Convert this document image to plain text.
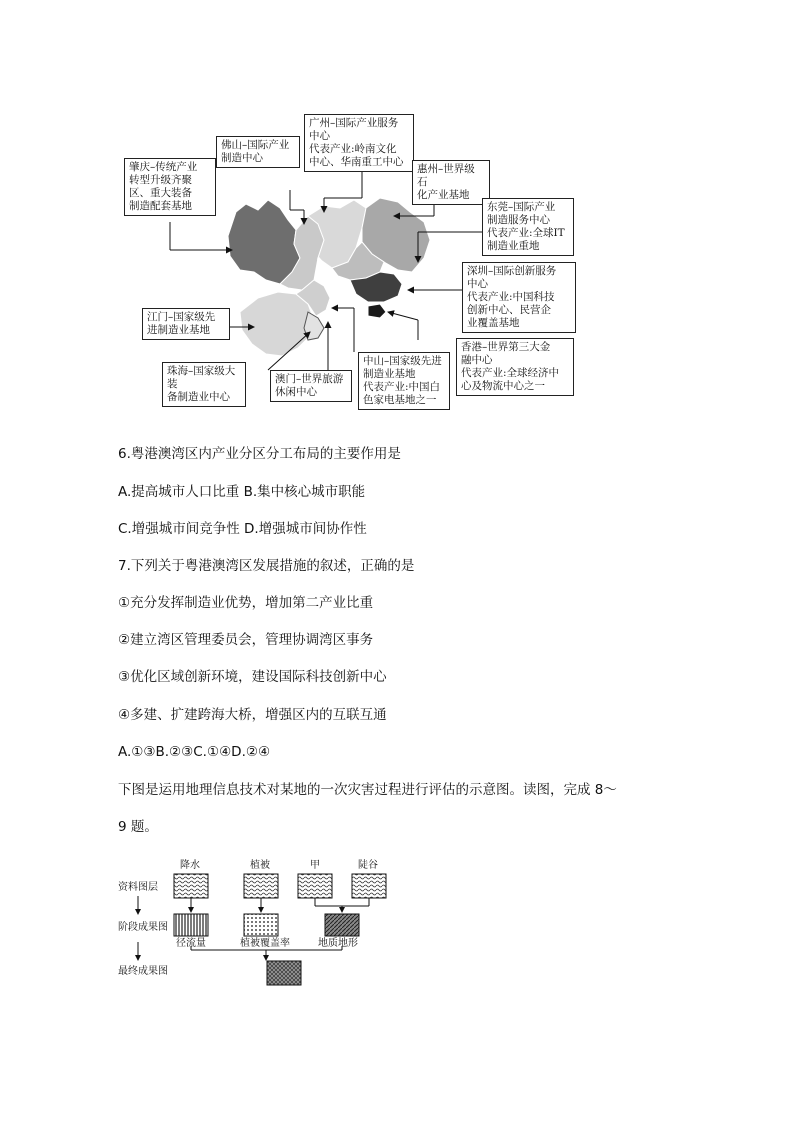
肇庆–传统产业
转型升级齐聚
区、重大装备
制造配套基地
佛山–国际产业
制造中心
广州–国际产业服务
中心
代表产业:岭南文化
中心、华南重工中心
惠州–世界级石
化产业基地
东莞–国际产业
制造服务中心
代表产业:全球IT
制造业重地
深圳–国际创新服务
中心
代表产业:中国科技
创新中心、民营企
业覆盖基地
江门–国家级先
进制造业基地
珠海–国家级大装
备制造业中心
澳门–世界旅游
休闲中心
中山–国家级先进
制造业基地
代表产业:中国白
色家电基地之一
香港–世界第三大金
融中心
代表产业:全球经济中
心及物流中心之一
6.粤港澳湾区内产业分区分工布局的主要作用是
A.提高城市人口比重 B.集中核心城市职能
C.增强城市间竞争性 D.增强城市间协作性
7.下列关于粤港澳湾区发展措施的叙述，正确的是
①充分发挥制造业优势，增加第二产业比重
②建立湾区管理委员会，管理协调湾区事务
③优化区域创新环境，建设国际科技创新中心
④多建、扩建跨海大桥，增强区内的互联互通
A.①③B.②③C.①④D.②④
下图是运用地理信息技术对某地的一次灾害过程进行评估的示意图。读图，完成 8～
9 题。
资料图层
阶段成果图
最终成果图
降水	植被	甲	陡谷
径流量	植被覆盖率	地质地形
